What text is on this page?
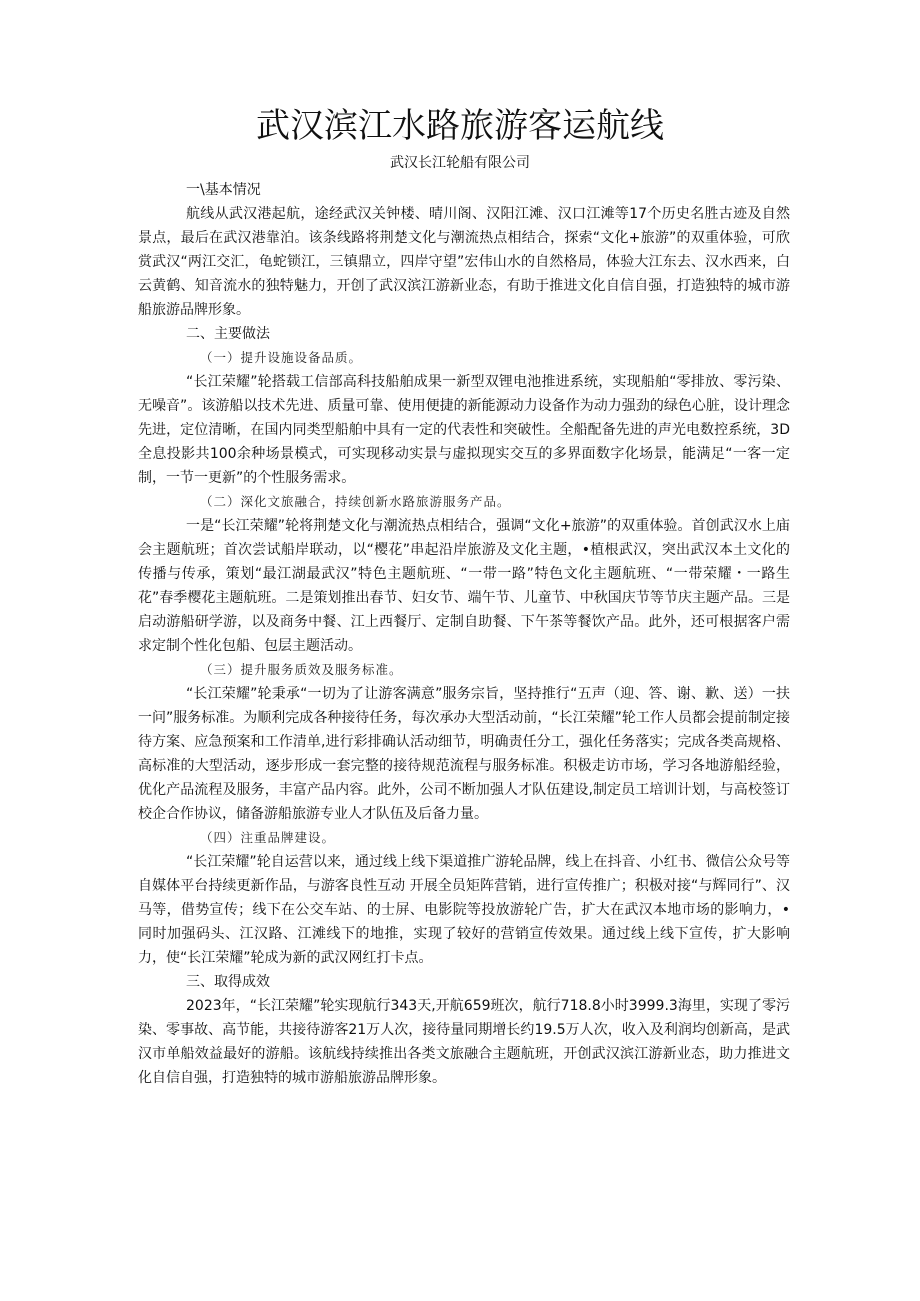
武汉滨江水路旅游客运航线
武汉长江轮船有限公司
一\基本情况

航线从武汉港起航，途经武汉关钟楼、晴川阁、汉阳江滩、汉口江滩等17个历史名胜古迹及自然景点，最后在武汉港靠泊。该条线路将荆楚文化与潮流热点相结合，探索“文化+旅游”的双重体验，可欣赏武汉“两江交汇，龟蛇锁江，三镇鼎立，四岸守望”宏伟山水的自然格局，体验大江东去、汉水西来，白云黄鹤、知音流水的独特魅力，开创了武汉滨江游新业态，有助于推进文化自信自强，打造独特的城市游船旅游品牌形象。

二、主要做法
（一）提升设施设备品质。

“长江荣耀”轮搭载工信部高科技船舶成果一新型双锂电池推进系统，实现船舶“零排放、零污染、无噪音”。该游船以技术先进、质量可靠、使用便捷的新能源动力设备作为动力强劲的绿色心脏，设计理念先进，定位清晰，在国内同类型船舶中具有一定的代表性和突破性。全船配备先进的声光电数控系统，3D全息投影共100余种场景模式，可实现移动实景与虚拟现实交互的多界面数字化场景，能满足“一客一定制，一节一更新”的个性服务需求。

（二）深化文旅融合，持续创新水路旅游服务产品。

一是“长江荣耀”轮将荆楚文化与潮流热点相结合，强调“文化+旅游”的双重体验。首创武汉水上庙会主题航班；首次尝试船岸联动，以“樱花”串起沿岸旅游及文化主题，•植根武汉，突出武汉本土文化的传播与传承，策划“最江湖最武汉”特色主题航班、“一带一路”特色文化主题航班、“一带荣耀・一路生花”春季樱花主题航班。二是策划推出春节、妇女节、端午节、儿童节、中秋国庆节等节庆主题产品。三是启动游船研学游，以及商务中餐、江上西餐厅、定制自助餐、下午茶等餐饮产品。此外，还可根据客户需求定制个性化包船、包层主题活动。

（三）提升服务质效及服务标准。

“长江荣耀”轮秉承“一切为了让游客满意”服务宗旨，坚持推行“五声（迎、答、谢、歉、送）一扶一问”服务标准。为顺利完成各种接待任务，每次承办大型活动前，“长江荣耀”轮工作人员都会提前制定接待方案、应急预案和工作清单,进行彩排确认活动细节，明确责任分工，强化任务落实；完成各类高规格、高标准的大型活动，逐步形成一套完整的接待规范流程与服务标准。积极走访市场，学习各地游船经验，优化产品流程及服务，丰富产品内容。此外，公司不断加强人才队伍建设,制定员工培训计划，与高校签订校企合作协议，储备游船旅游专业人才队伍及后备力量。

（四）注重品牌建设。

“长江荣耀”轮自运营以来，通过线上线下渠道推广游轮品牌，线上在抖音、小红书、微信公众号等自媒体平台持续更新作品，与游客良性互动 开展全员矩阵营销，进行宣传推广；积极对接“与辉同行”、汉马等，借势宣传；线下在公交车站、的士屏、电影院等投放游轮广告，扩大在武汉本地市场的影响力，•同时加强码头、江汉路、江滩线下的地推，实现了较好的营销宣传效果。通过线上线下宣传，扩大影响力，使“长江荣耀”轮成为新的武汉网红打卡点。

三、取得成效

2023年，“长江荣耀”轮实现航行343天,开航659班次，航行718.8小时3999.3海里，实现了零污染、零事故、高节能，共接待游客21万人次，接待量同期增长约19.5万人次，收入及利润均创新高，是武汉市单船效益最好的游船。该航线持续推出各类文旅融合主题航班，开创武汉滨江游新业态，助力推进文化自信自强，打造独特的城市游船旅游品牌形象。
